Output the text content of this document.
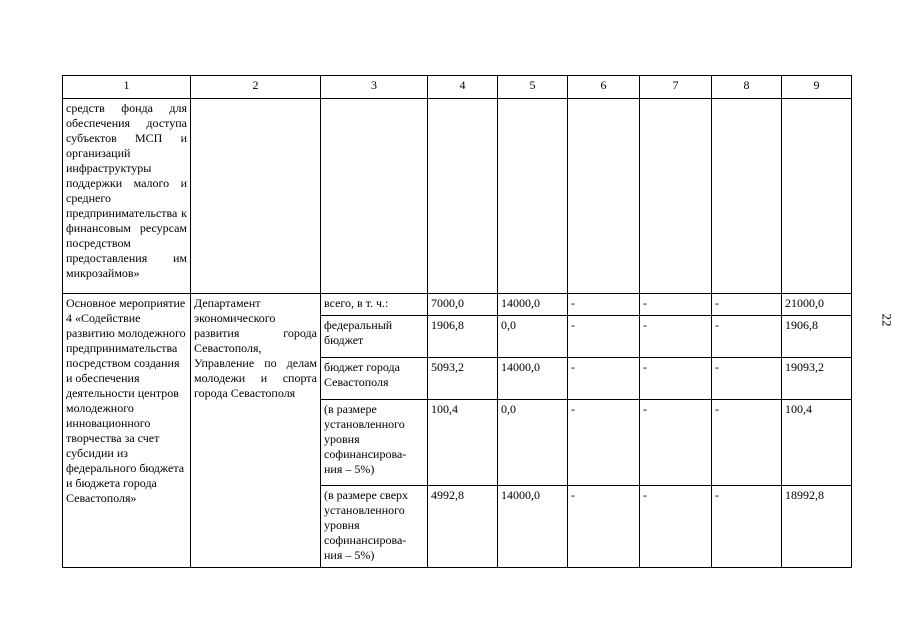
1	2	3	4	5	6	7	8	9
средств фонда для обеспечения доступа субъектов МСП и организаций инфраструктуры поддержки малого и среднего предпринимательства к финансовым ресурсам посредством предоставления им микрозаймов»								
Основное мероприятие 4 «Содействие развитию молодежного предпринимательства посредством создания и обеспечения деятельности центров молодежного инновационного творчества за счет субсидии из федерального бюджета и бюджета города Севастополя»	Департамент экономического развития города Севастополя, Управление по делам молодежи и спорта города Севастополя	всего, в т. ч.:	7000,0	14000,0	-	-	-	21000,0
		федеральный бюджет	1906,8	0,0	-	-	-	1906,8
		бюджет города Севастополя	5093,2	14000,0	-	-	-	19093,2
		(в размере установленного уровня софинансирова-ния – 5%)	100,4	0,0	-	-	-	100,4
		(в размере сверх установленного уровня софинансирова-ния – 5%)	4992,8	14000,0	-	-	-	18992,8
22
